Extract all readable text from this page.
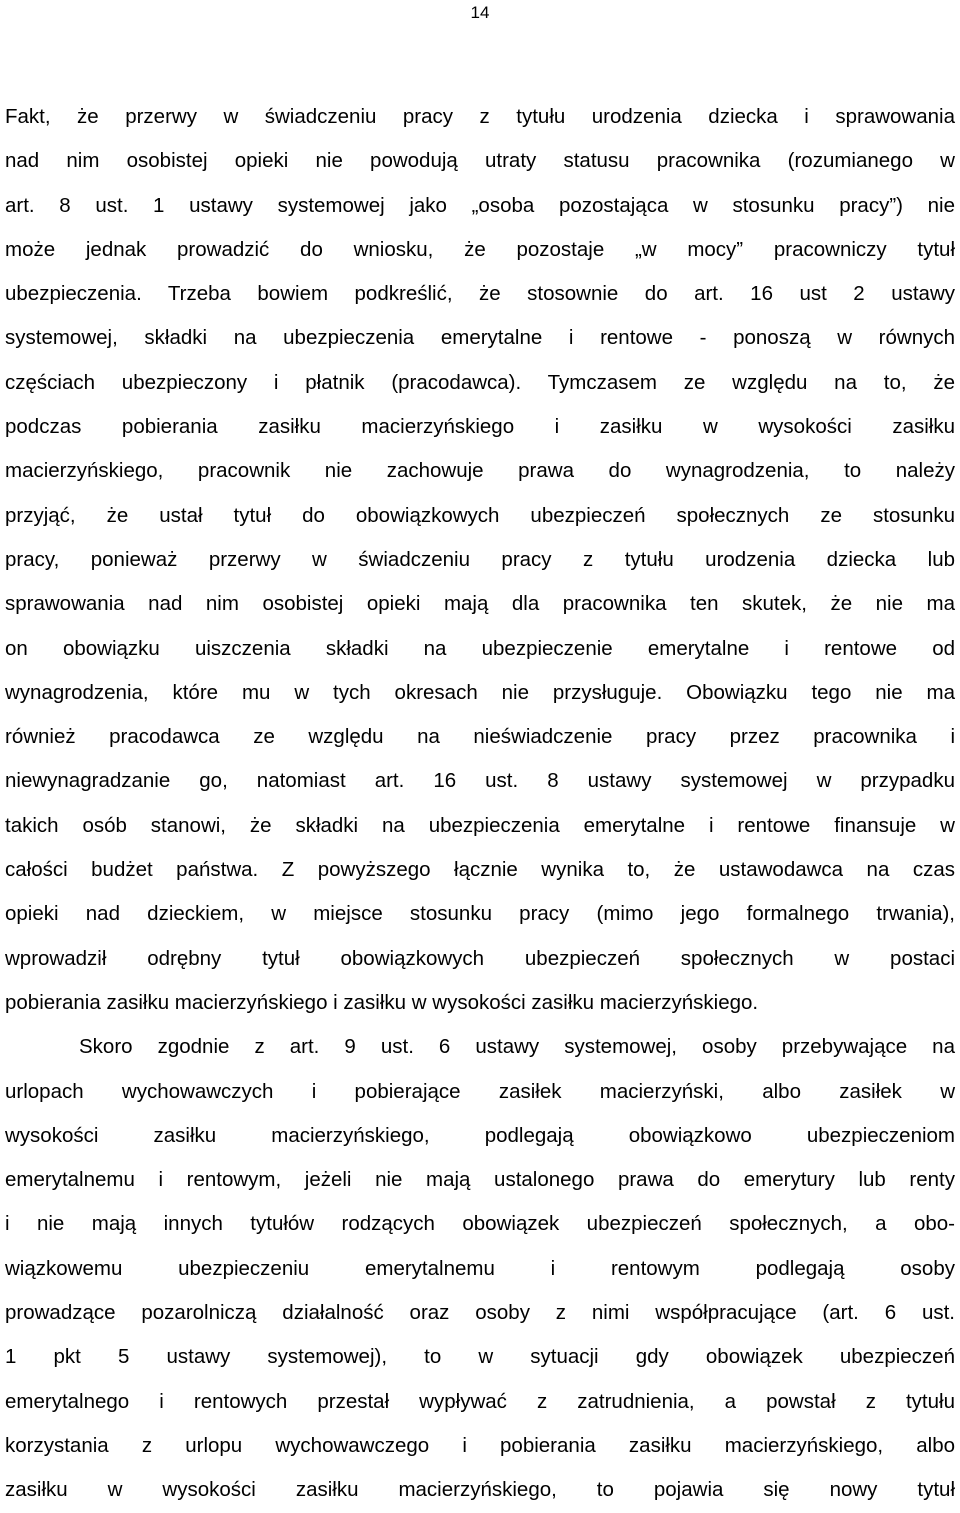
14
Fakt, że przerwy w świadczeniu pracy z tytułu urodzenia dziecka i sprawowania
nad nim osobistej opieki nie powodują utraty statusu pracownika (rozumianego w
art. 8 ust. 1 ustawy systemowej jako „osoba pozostająca w stosunku pracy”) nie
może jednak prowadzić do wniosku, że pozostaje „w mocy” pracowniczy tytuł
ubezpieczenia. Trzeba bowiem podkreślić, że stosownie do art. 16 ust 2 ustawy
systemowej, składki na ubezpieczenia emerytalne i rentowe - ponoszą w równych
częściach ubezpieczony i płatnik (pracodawca). Tymczasem ze względu na to, że
podczas pobierania zasiłku macierzyńskiego i zasiłku w wysokości zasiłku
macierzyńskiego, pracownik nie zachowuje prawa do wynagrodzenia, to należy
przyjąć, że ustał tytuł do obowiązkowych ubezpieczeń społecznych ze stosunku
pracy, ponieważ przerwy w świadczeniu pracy z tytułu urodzenia dziecka lub
sprawowania nad nim osobistej opieki mają dla pracownika ten skutek, że nie ma
on obowiązku uiszczenia składki na ubezpieczenie emerytalne i rentowe od
wynagrodzenia, które mu w tych okresach nie przysługuje. Obowiązku tego nie ma
również pracodawca ze względu na nieświadczenie pracy przez pracownika i
niewynagradzanie go, natomiast art. 16 ust. 8 ustawy systemowej w przypadku
takich osób stanowi, że składki na ubezpieczenia emerytalne i rentowe finansuje w
całości budżet państwa. Z powyższego łącznie wynika to, że ustawodawca na czas
opieki nad dzieckiem, w miejsce stosunku pracy (mimo jego formalnego trwania),
wprowadził odrębny tytuł obowiązkowych ubezpieczeń społecznych w postaci
pobierania zasiłku macierzyńskiego i zasiłku w wysokości zasiłku macierzyńskiego.
Skoro zgodnie z art. 9 ust. 6 ustawy systemowej, osoby przebywające na
urlopach wychowawczych i pobierające zasiłek macierzyński, albo zasiłek w
wysokości zasiłku macierzyńskiego, podlegają obowiązkowo ubezpieczeniom
emerytalnemu i rentowym, jeżeli nie mają ustalonego prawa do emerytury lub renty
i nie mają innych tytułów rodzących obowiązek ubezpieczeń społecznych, a obo-
wiązkowemu ubezpieczeniu emerytalnemu i rentowym podlegają osoby
prowadzące pozarolniczą działalność oraz osoby z nimi współpracujące (art. 6 ust.
1 pkt 5 ustawy systemowej), to w sytuacji gdy obowiązek ubezpieczeń
emerytalnego i rentowych przestał wypływać z zatrudnienia, a powstał z tytułu
korzystania z urlopu wychowawczego i pobierania zasiłku macierzyńskiego, albo
zasiłku w wysokości zasiłku macierzyńskiego, to pojawia się nowy tytuł
